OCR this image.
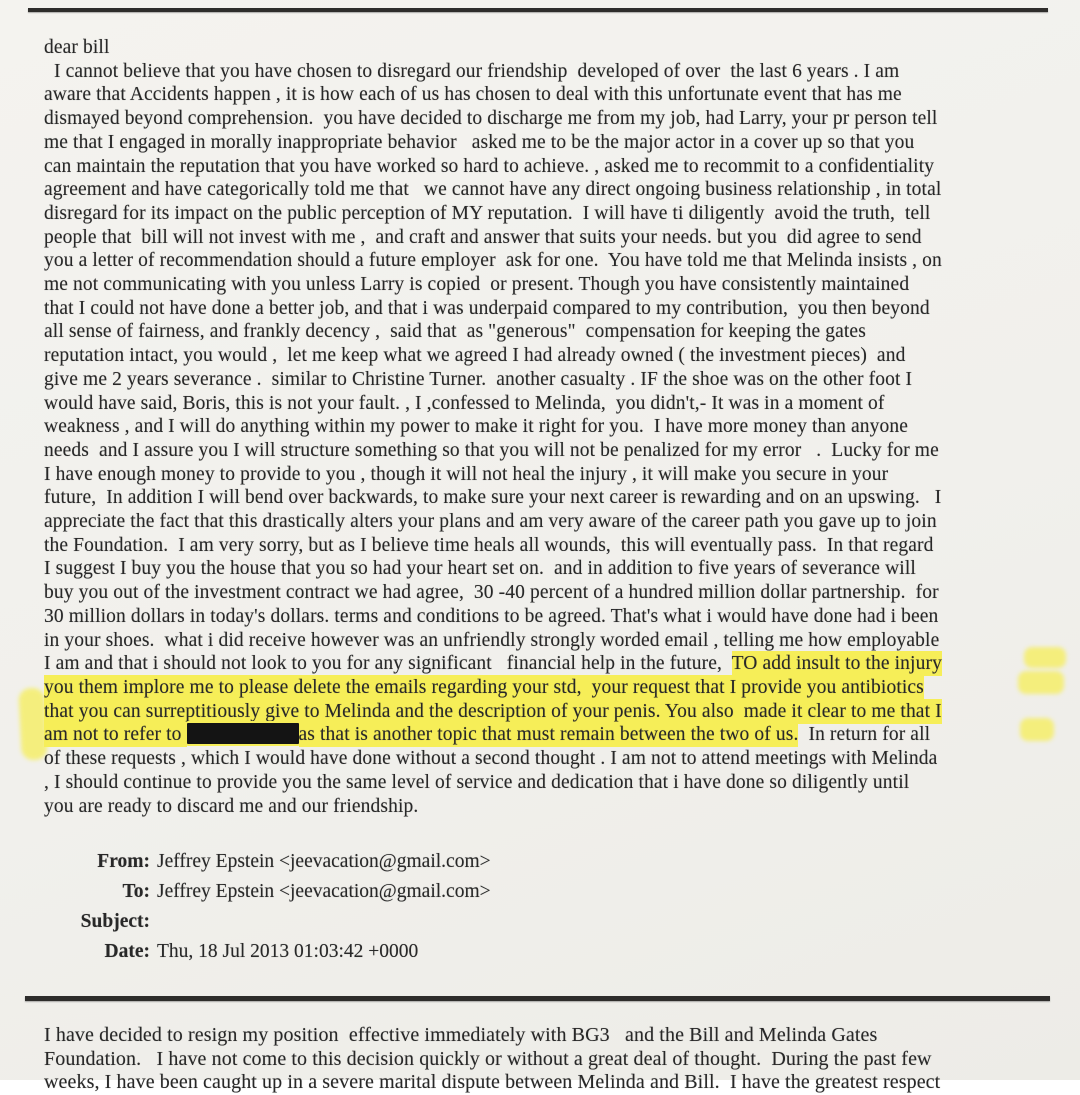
dear bill
I cannot believe that you have chosen to disregard our friendship  developed of over  the last 6 years . I am
aware that Accidents happen , it is how each of us has chosen to deal with this unfortunate event that has me
dismayed beyond comprehension.  you have decided to discharge me from my job, had Larry, your pr person tell
me that I engaged in morally inappropriate behavior   asked me to be the major actor in a cover up so that you
can maintain the reputation that you have worked so hard to achieve. , asked me to recommit to a confidentiality
agreement and have categorically told me that   we cannot have any direct ongoing business relationship , in total
disregard for its impact on the public perception of MY reputation.  I will have ti diligently  avoid the truth,  tell
people that  bill will not invest with me ,  and craft and answer that suits your needs. but you  did agree to send
you a letter of recommendation should a future employer  ask for one.  You have told me that Melinda insists , on
me not communicating with you unless Larry is copied  or present. Though you have consistently maintained
that I could not have done a better job, and that i was underpaid compared to my contribution,  you then beyond
all sense of fairness, and frankly decency ,  said that  as "generous"  compensation for keeping the gates
reputation intact, you would ,  let me keep what we agreed I had already owned ( the investment pieces)  and
give me 2 years severance .  similar to Christine Turner.  another casualty . IF the shoe was on the other foot I
would have said, Boris, this is not your fault. , I ,confessed to Melinda,  you didn't,- It was in a moment of
weakness , and I will do anything within my power to make it right for you.  I have more money than anyone
needs  and I assure you I will structure something so that you will not be penalized for my error   .  Lucky for me
I have enough money to provide to you , though it will not heal the injury , it will make you secure in your
future,  In addition I will bend over backwards, to make sure your next career is rewarding and on an upswing.   I
appreciate the fact that this drastically alters your plans and am very aware of the career path you gave up to join
the Foundation.  I am very sorry, but as I believe time heals all wounds,  this will eventually pass.  In that regard
I suggest I buy you the house that you so had your heart set on.  and in addition to five years of severance will
buy you out of the investment contract we had agree,  30 -40 percent of a hundred million dollar partnership.  for
30 million dollars in today's dollars. terms and conditions to be agreed. That's what i would have done had i been
in your shoes.  what i did receive however was an unfriendly strongly worded email , telling me how employable
I am and that i should not look to you for any significant   financial help in the future,  TO add insult to the injury
you them implore me to please delete the emails regarding your std,  your request that I provide you antibiotics
that you can surreptitiously give to Melinda and the description of your penis. You also  made it clear to me that I
am not to refer to	as that is another topic that must remain between the two of us.  In return for all
of these requests , which I would have done without a second thought . I am not to attend meetings with Melinda
, I should continue to provide you the same level of service and dedication that i have done so diligently until
you are ready to discard me and our friendship.
From: Jeffrey Epstein <jeevacation@gmail.com>
To: Jeffrey Epstein <jeevacation@gmail.com>
Subject:
Date: Thu, 18 Jul 2013 01:03:42 +0000
I have decided to resign my position  effective immediately with BG3   and the Bill and Melinda Gates
Foundation.   I have not come to this decision quickly or without a great deal of thought.  During the past few
weeks, I have been caught up in a severe marital dispute between Melinda and Bill.  I have the greatest respect
